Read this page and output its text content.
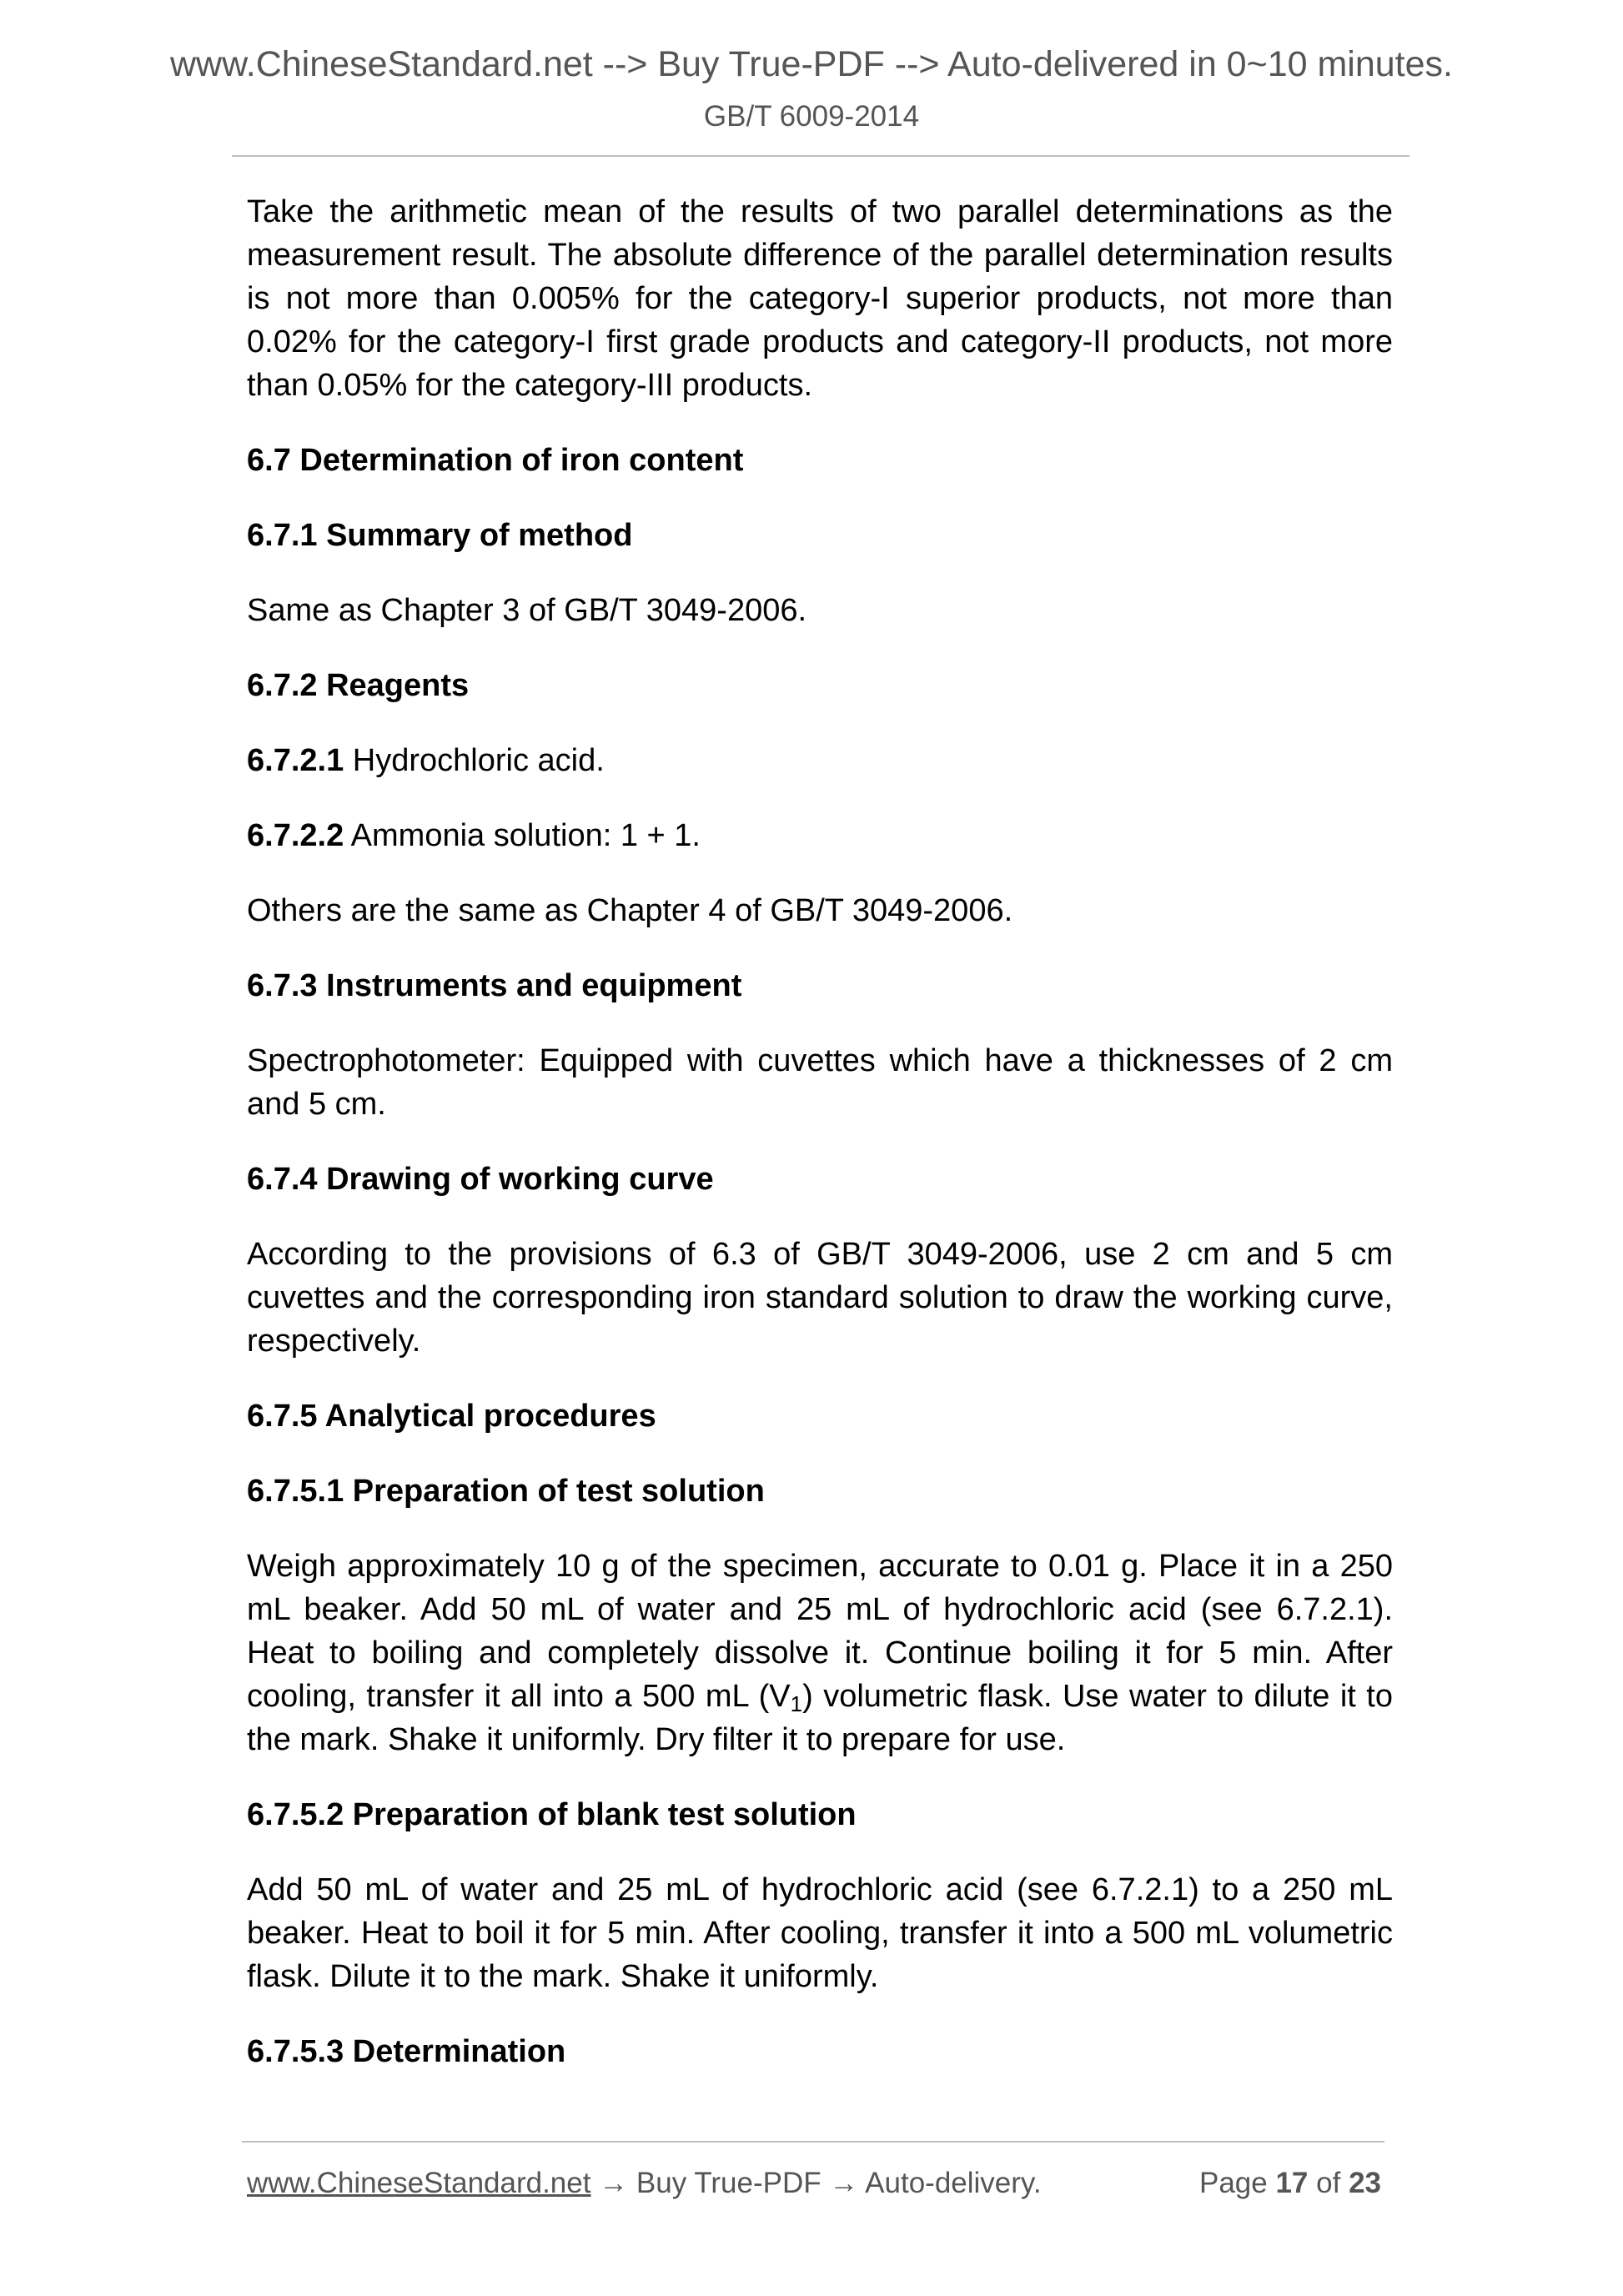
www.ChineseStandard.net --> Buy True-PDF --> Auto-delivered in 0~10 minutes.
GB/T 6009-2014

Take the arithmetic mean of the results of two parallel determinations as the measurement result. The absolute difference of the parallel determination results is not more than 0.005% for the category-I superior products, not more than 0.02% for the category-I first grade products and category-II products, not more than 0.05% for the category-III products.

6.7 Determination of iron content

6.7.1 Summary of method

Same as Chapter 3 of GB/T 3049-2006.

6.7.2 Reagents

6.7.2.1 Hydrochloric acid.

6.7.2.2 Ammonia solution: 1 + 1.

Others are the same as Chapter 4 of GB/T 3049-2006.

6.7.3 Instruments and equipment

Spectrophotometer: Equipped with cuvettes which have a thicknesses of 2 cm and 5 cm.

6.7.4 Drawing of working curve

According to the provisions of 6.3 of GB/T 3049-2006, use 2 cm and 5 cm cuvettes and the corresponding iron standard solution to draw the working curve, respectively.

6.7.5 Analytical procedures

6.7.5.1 Preparation of test solution

Weigh approximately 10 g of the specimen, accurate to 0.01 g. Place it in a 250 mL beaker. Add 50 mL of water and 25 mL of hydrochloric acid (see 6.7.2.1). Heat to boiling and completely dissolve it. Continue boiling it for 5 min. After cooling, transfer it all into a 500 mL $(V_1)$ volumetric flask. Use water to dilute it to the mark. Shake it uniformly. Dry filter it to prepare for use.

6.7.5.2 Preparation of blank test solution

Add 50 mL of water and 25 mL of hydrochloric acid (see 6.7.2.1) to a 250 mL beaker. Heat to boil it for 5 min. After cooling, transfer it into a 500 mL volumetric flask. Dilute it to the mark. Shake it uniformly.

6.7.5.3 Determination

www.ChineseStandard.net → Buy True-PDF → Auto-delivery.	Page 17 of 23
